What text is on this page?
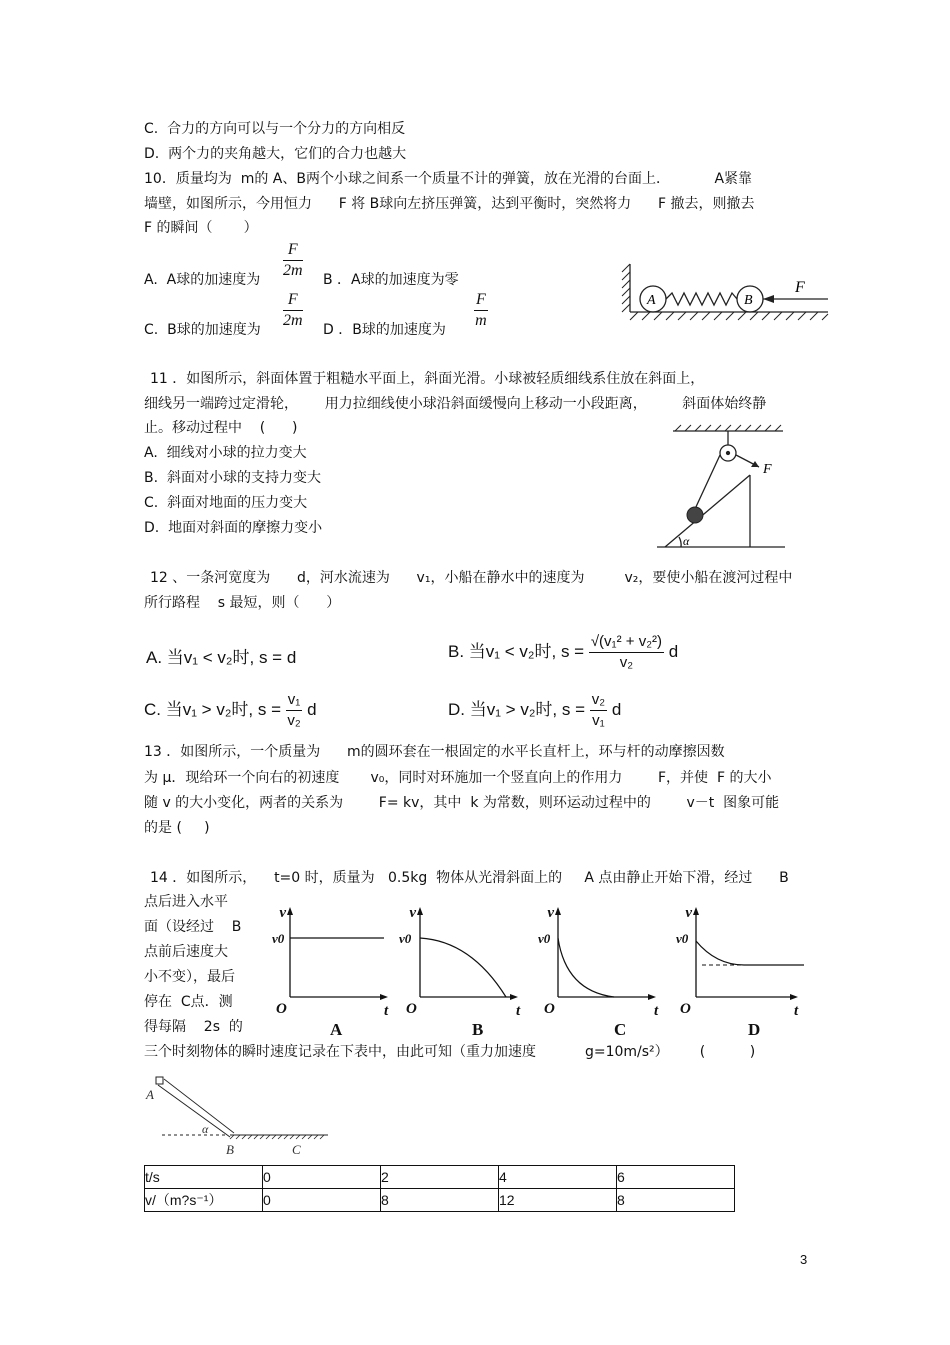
C.  合力的方向可以与一个分力的方向相反
D.  两个力的夹角越大，它们的合力也越大
10．质量均为  m的 A、B两个小球之间系一个质量不计的弹簧，放在光滑的台面上．          A紧靠
墙壁，如图所示，今用恒力      F 将 B球向左挤压弹簧，达到平衡时，突然将力      F 撤去，则撤去
F 的瞬间（       ）
A.  A球的加速度为 $\frac{F}{2m}$ B ．A球的加速度为零
C.  B球的加速度为 $\frac{F}{2m}$ D ．B球的加速度为 $\frac{F}{m}$	A	B
F
11 ．如图所示，斜面体置于粗糙水平面上，斜面光滑。小球被轻质细线系住放在斜面上，
细线另一端跨过定滑轮，      用力拉细线使小球沿斜面缓慢向上移动一小段距离，        斜面体始终静
止。移动过程中    (      )
A.  细线对小球的拉力变大
B.  斜面对小球的支持力变大
C.  斜面对地面的压力变大
D.  地面对斜面的摩擦力变小
F
α
12 、一条河宽度为      d，河水流速为      v₁，小船在静水中的速度为         v₂，要使小船在渡河过程中
所行路程    s 最短，则（      ）
A. 当v₁ < v₂时, s = d	B. 当v₁ < v₂时, $s = \frac{\text{√(v₁² + v₂²)}}{\text{v₂}}$ d
C. 当v₁ > v₂时, $s = \frac{\text{v₁}}{\text{v₂}}$ d	D. 当v₁ > v₂时, $s = \frac{\text{v₂}}{\text{v₁}}$ d
13 ．如图所示，一个质量为      m的圆环套在一根固定的水平长直杆上，环与杆的动摩擦因数
为 μ．现给环一个向右的初速度       v₀，同时对环施加一个竖直向上的作用力        F，并使  F 的大小
随 v 的大小变化，两者的关系为        F= kv，其中  k 为常数，则环运动过程中的        v－t  图象可能
的是 (     )
14 ．如图所示，    t=0 时，质量为   0.5kg  物体从光滑斜面上的     A 点由静止开始下滑，经过      B
点后进入水平
面（设经过    B
点前后速度大
小不变），最后
停在  C点．测
得每隔    2s  的
三个时刻物体的瞬时速度记录在下表中，由此可知（重力加速度           g=10m/s²）       (          )
v
v0
O	t
A
v
v0
O	t
B
v
v0
O	t
C
v
v0
O	t
D
A
B	C
α
t/s	0	2	4	6
v/（m?s⁻¹）	0	8	12	8
3
